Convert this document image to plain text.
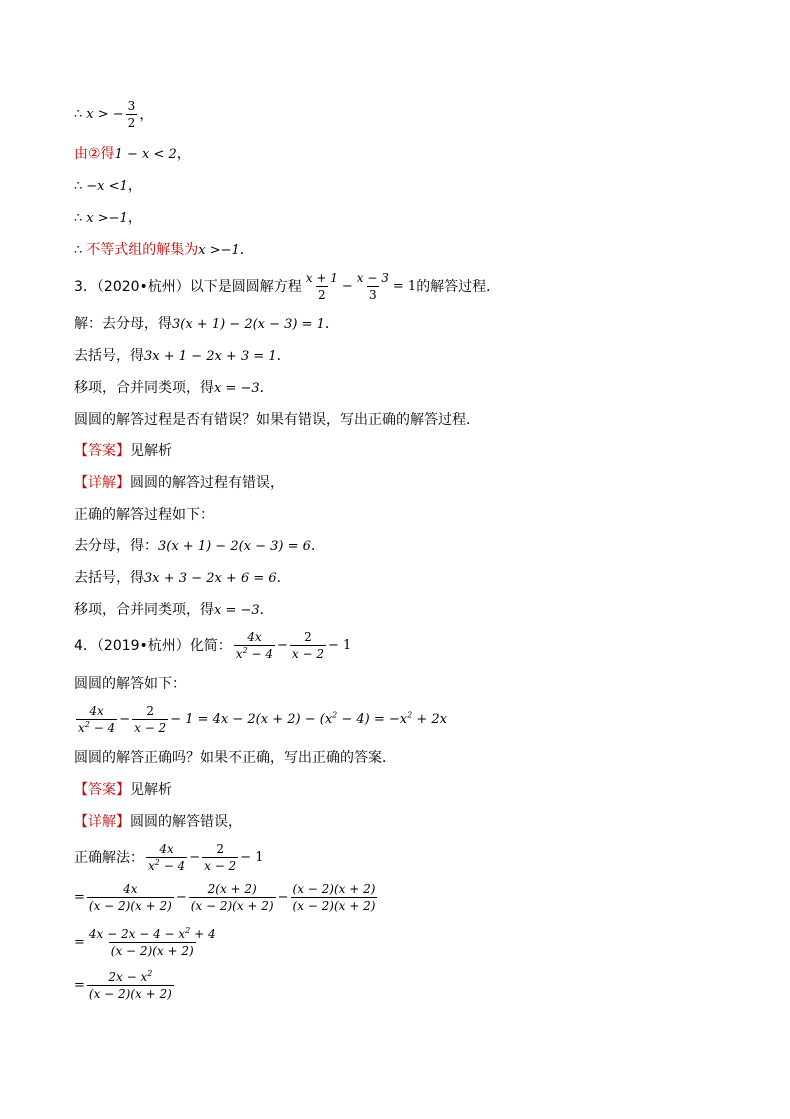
∴ x > − $\frac{3}{2}$ ，
由②得 1 − x < 2 ，
∴ −x <1 ，
∴ x >−1 ，
∴ 不等式组的解集为 x >−1 ．
3．（2020•杭州）以下是圆圆解方程 $\frac{x + 1}{2} - \frac{x - 3}{3} = 1$ 的解答过程．
解：去分母，得 3(x + 1) − 2(x − 3) = 1 ．
去括号，得 3x + 1 − 2x + 3 = 1 ．
移项，合并同类项，得 x = −3 ．
圆圆的解答过程是否有错误？如果有错误，写出正确的解答过程．
【答案】 见解析
【详解】 圆圆的解答过程有错误，
正确的解答过程如下：
去分母，得： 3(x + 1) − 2(x − 3) = 6 ．
去括号，得 3x + 3 − 2x + 6 = 6 ．
移项，合并同类项，得 x = −3 ．
4．（2019•杭州）化简： $\frac{4x}{x^2 - 4} - \frac{2}{x - 2} - 1$
圆圆的解答如下：
$\frac{4x}{x^2 - 4} - \frac{2}{x - 2} - 1 = 4x - 2(x + 2) - (x^2 - 4) = -x^2 + 2x$
圆圆的解答正确吗？如果不正确，写出正确的答案．
【答案】 见解析
【详解】 圆圆的解答错误，
正确解法： $\frac{4x}{x^2 - 4} - \frac{2}{x - 2} - 1$
= $\frac{4x}{(x - 2)(x + 2)} - \frac{2(x + 2)}{(x - 2)(x + 2)} - \frac{(x - 2)(x + 2)}{(x - 2)(x + 2)}$
= $\frac{4x - 2x - 4 - x^2 + 4}{(x - 2)(x + 2)}$
= $\frac{2x - x^2}{(x - 2)(x + 2)}$
